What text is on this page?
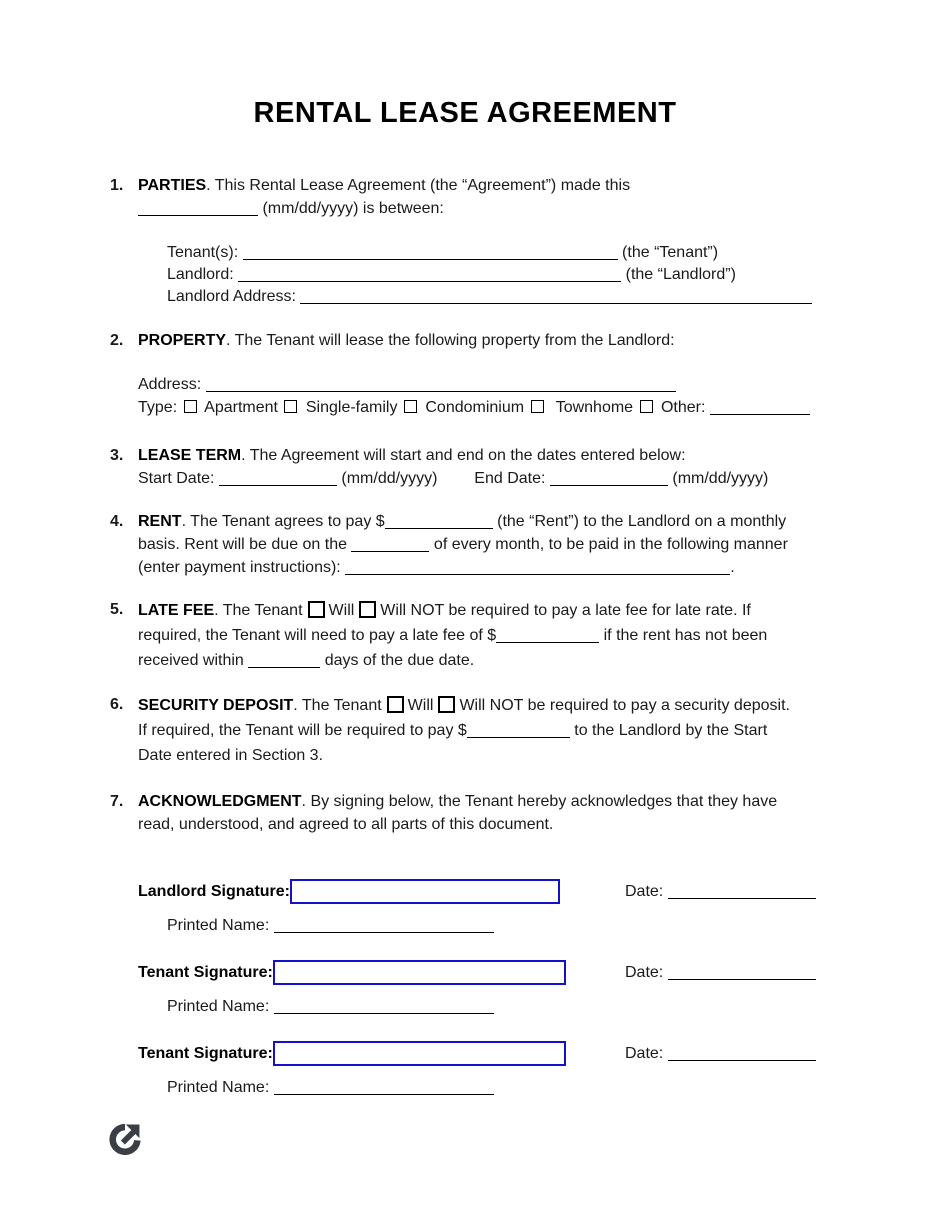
RENTAL LEASE AGREEMENT
1. PARTIES. This Rental Lease Agreement (the “Agreement”) made this
(mm/dd/yyyy) is between:
Tenant(s):	(the “Tenant”)
Landlord:	(the “Landlord”)
Landlord Address:
2. PROPERTY. The Tenant will lease the following property from the Landlord:
Address:
Type: Apartment Single-family Condominium Townhome Other:
3. LEASE TERM. The Agreement will start and end on the dates entered below:
Start Date:	(mm/dd/yyyy) End Date:	(mm/dd/yyyy)
4. RENT. The Tenant agrees to pay $	(the “Rent”) to the Landlord on a monthly
basis. Rent will be due on the	of every month, to be paid in the following manner
(enter payment instructions):	.
5. LATE FEE. The Tenant Will Will NOT be required to pay a late fee for late rate. If
required, the Tenant will need to pay a late fee of $	if the rent has not been
received within	days of the due date.
6. SECURITY DEPOSIT. The Tenant Will Will NOT be required to pay a security deposit.
If required, the Tenant will be required to pay $	to the Landlord by the Start
Date entered in Section 3.
7. ACKNOWLEDGMENT. By signing below, the Tenant hereby acknowledges that they have
read, understood, and agreed to all parts of this document.
Landlord Signature:	Date:

Printed Name:
Tenant Signature:	Date:

Printed Name:
Tenant Signature:	Date:

Printed Name:
